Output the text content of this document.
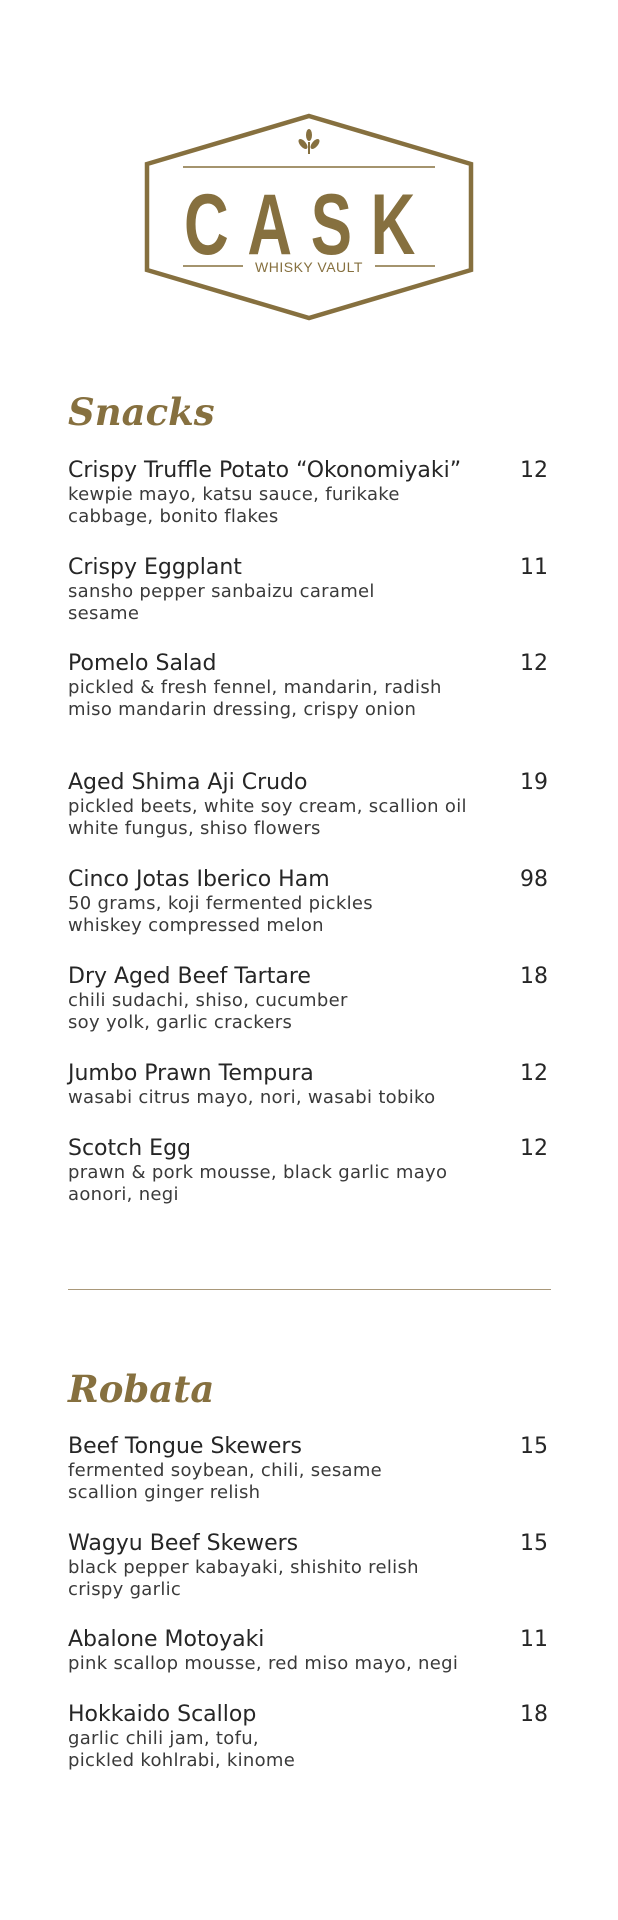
CASK
WHISKY VAULT
Snacks
Crispy Truffle Potato “Okonomiyaki”	12
kewpie mayo, katsu sauce, furikake
cabbage, bonito flakes
Crispy Eggplant	11
sansho pepper sanbaizu caramel
sesame
Pomelo Salad	12
pickled & fresh fennel, mandarin, radish
miso mandarin dressing, crispy onion
Aged Shima Aji Crudo	19
pickled beets, white soy cream, scallion oil
white fungus, shiso flowers
Cinco Jotas Iberico Ham	98
50 grams, koji fermented pickles
whiskey compressed melon
Dry Aged Beef Tartare	18
chili sudachi, shiso, cucumber
soy yolk, garlic crackers
Jumbo Prawn Tempura	12
wasabi citrus mayo, nori, wasabi tobiko
Scotch Egg	12
prawn & pork mousse, black garlic mayo
aonori, negi
Robata
Beef Tongue Skewers	15
fermented soybean, chili, sesame
scallion ginger relish
Wagyu Beef Skewers	15
black pepper kabayaki, shishito relish
crispy garlic
Abalone Motoyaki	11
pink scallop mousse, red miso mayo, negi
Hokkaido Scallop	18
garlic chili jam, tofu,
pickled kohlrabi, kinome
